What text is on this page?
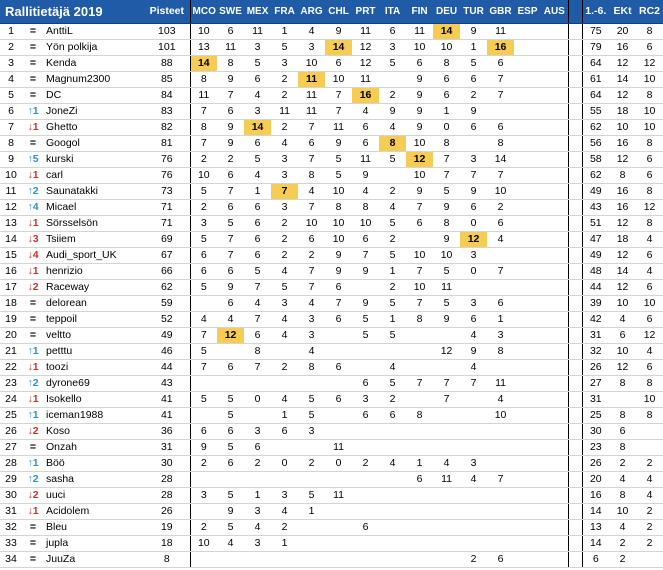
Rallitietäjä 2019			Pisteet	MCO	SWE	MEX	FRA	ARG	CHL	PRT	ITA	FIN	DEU	TUR	GBR	ESP	AUS			1.-6.	EKt	RC2
1	=	AnttiL	103	10	6	11	1	4	9	11	6	11	14	9	11					75	20	8
2	=	Yön polkija	101	13	11	3	5	3	14	12	3	10	10	1	16					79	16	6
3	=	Kenda	88	14	8	5	3	10	6	12	5	6	8	5	6					64	12	12
4	=	Magnum2300	85	8	9	6	2	11	10	11		9	6	6	7					61	14	10
5	=	DC	84	11	7	4	2	11	7	16	2	9	6	2	7					64	12	8
6	↑1	JoneZi	83	7	6	3	11	11	7	4	9	9	1	9						55	18	10
7	↓1	Ghetto	82	8	9	14	2	7	11	6	4	9	0	6	6					62	10	10
8	=	Googol	81	7	9	6	4	6	9	6	8	10	8		8					56	16	8
9	↑5	kurski	76	2	2	5	3	7	5	11	5	12	7	3	14					58	12	6
10	↓1	carl	76	10	6	4	3	8	5	9		10	7	7	7					62	8	6
11	↑2	Saunatakki	73	5	7	1	7	4	10	4	2	9	5	9	10					49	16	8
12	↑4	Micael	71	2	6	6	3	7	8	8	4	7	9	6	2					43	16	12
13	↓1	Sörsselsön	71	3	5	6	2	10	10	10	5	6	8	0	6					51	12	8
14	↓3	Tsiiem	69	5	7	6	2	6	10	6	2		9	12	4					47	18	4
15	↓4	Audi_sport_UK	67	6	7	6	2	2	9	7	5	10	10	3						49	12	6
16	↓1	henrizio	66	6	6	5	4	7	9	9	1	7	5	0	7					48	14	4
17	↓2	Raceway	62	5	9	7	5	7	6		2	10	11							44	12	6
18	=	delorean	59		6	4	3	4	7	9	5	7	5	3	6					39	10	10
19	=	teppoil	52	4	4	7	4	3	6	5	1	8	9	6	1					42	4	6
20	=	veltto	49	7	12	6	4	3		5	5			4	3					31	6	12
21	↑1	petttu	46	5		8		4					12	9	8					32	10	4
22	↓1	toozi	44	7	6	7	2	8	6		4			4						26	12	6
23	↑2	dyrone69	43							6	5	7	7	7	11					27	8	8
24	↓1	Isokello	41	5	5	0	4	5	6	3	2		7		4					31		10
25	↑1	iceman1988	41		5		1	5		6	6	8			10					25	8	8
26	↓2	Koso	36	6	6	3	6	3												30	6	
27	=	Onzah	31	9	5	6			11											23	8	
28	↑1	Böö	30	2	6	2	0	2	0	2	4	1	4	3						26	2	2
29	↑2	sasha	28									6	11	4	7					20	4	4
30	↓2	uuci	28	3	5	1	3	5	11											16	8	4
31	↓1	Acidolem	26		9	3	4	1												14	10	2
32	=	Bleu	19	2	5	4	2			6										13	4	2
33	=	jupla	18	10	4	3	1													14	2	2
34	=	JuuZa	8											2	6					6	2	
